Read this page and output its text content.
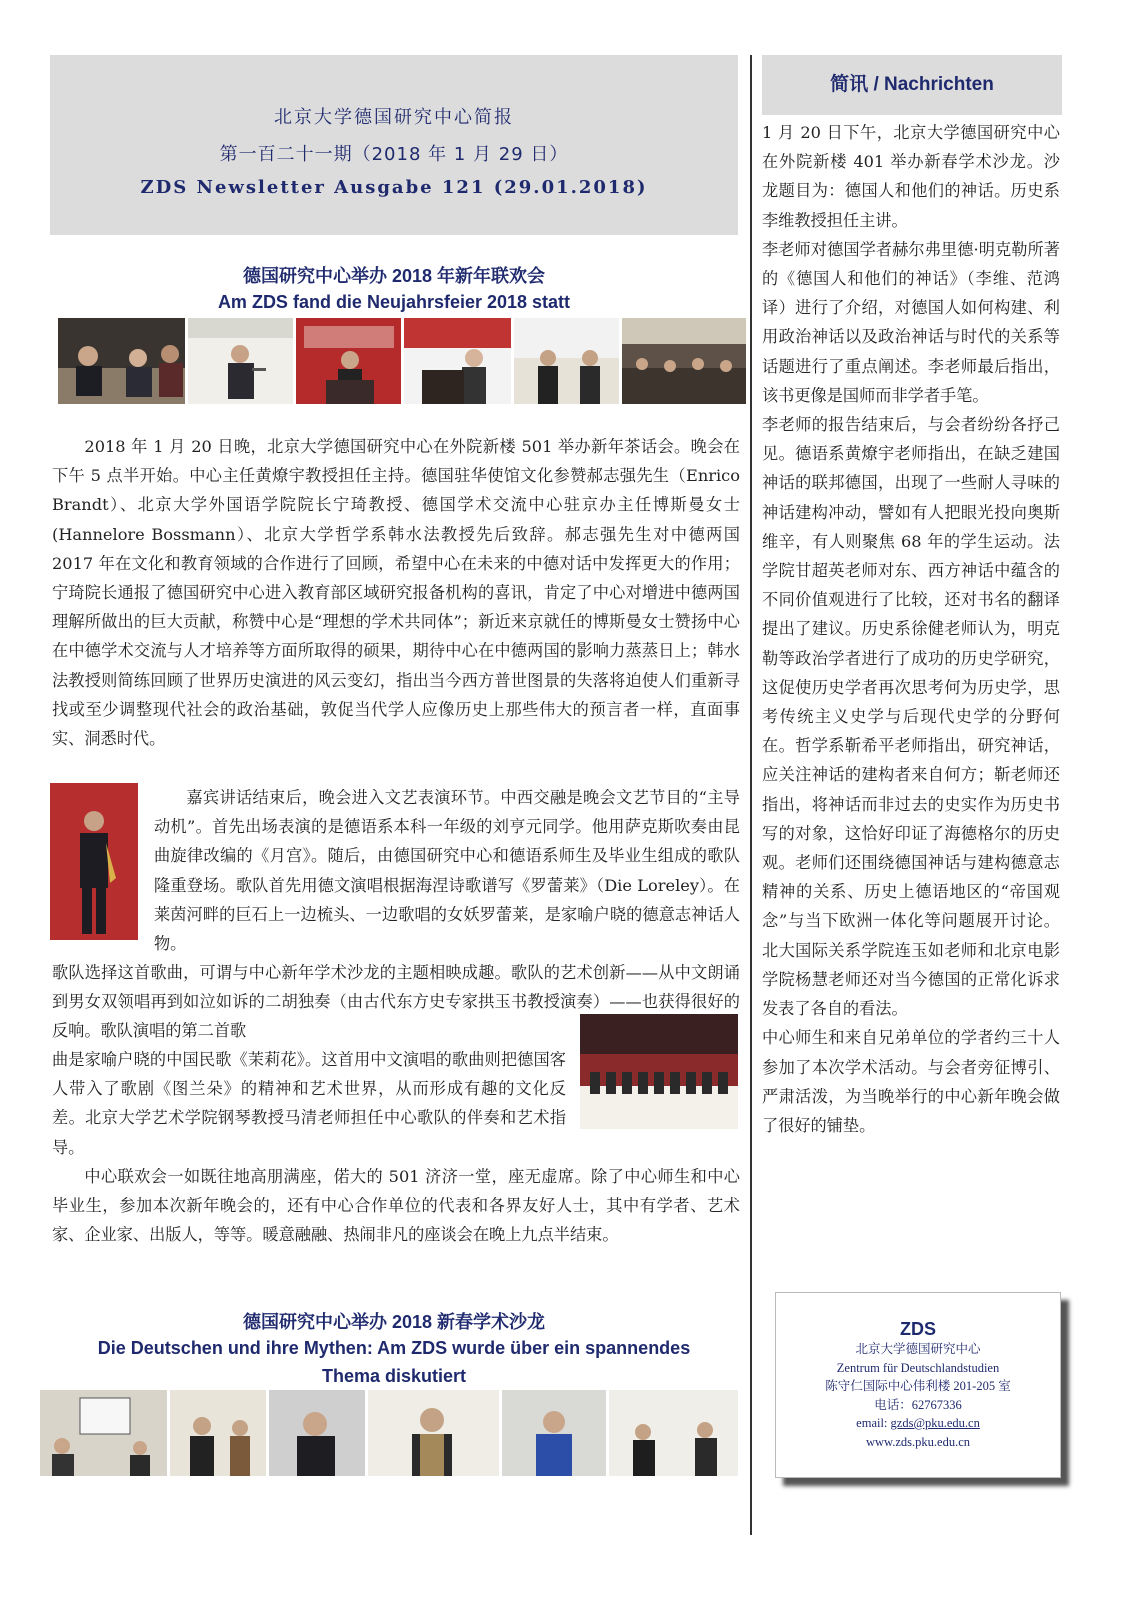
北京大学德国研究中心简报
第一百二十一期（2018 年 1 月 29 日）
ZDS Newsletter Ausgabe 121 (29.01.2018)
简讯 / Nachrichten

1 月 20 日下午，北京大学德国研究中心在外院新楼 401 举办新春学术沙龙。沙龙题目为：德国人和他们的神话。历史系李维教授担任主讲。

李老师对德国学者赫尔弗里德·明克勒所著的《德国人和他们的神话》（李维、范鸿译）进行了介绍，对德国人如何构建、利用政治神话以及政治神话与时代的关系等话题进行了重点阐述。李老师最后指出，该书更像是国师而非学者手笔。

李老师的报告结束后，与会者纷纷各抒己见。德语系黄燎宇老师指出，在缺乏建国神话的联邦德国，出现了一些耐人寻味的神话建构冲动，譬如有人把眼光投向奥斯维辛，有人则聚焦 68 年的学生运动。法学院甘超英老师对东、西方神话中蕴含的不同价值观进行了比较，还对书名的翻译提出了建议。历史系徐健老师认为，明克勒等政治学者进行了成功的历史学研究，这促使历史学者再次思考何为历史学，思考传统主义史学与后现代史学的分野何在。哲学系靳希平老师指出，研究神话，应关注神话的建构者来自何方；靳老师还指出，将神话而非过去的史实作为历史书写的对象，这恰好印证了海德格尔的历史观。老师们还围绕德国神话与建构德意志精神的关系、历史上德语地区的“帝国观念”与当下欧洲一体化等问题展开讨论。北大国际关系学院连玉如老师和北京电影学院杨慧老师还对当今德国的正常化诉求发表了各自的看法。

中心师生和来自兄弟单位的学者约三十人参加了本次学术活动。与会者旁征博引、严肃活泼，为当晚举行的中心新年晚会做了很好的铺垫。

德国研究中心举办 2018 年新年联欢会
Am ZDS fand die Neujahrsfeier 2018 statt
2018 年 1 月 20 日晚，北京大学德国研究中心在外院新楼 501 举办新年茶话会。晚会在下午 5 点半开始。中心主任黄燎宇教授担任主持。德国驻华使馆文化参赞郝志强先生（Enrico Brandt）、北京大学外国语学院院长宁琦教授、德国学术交流中心驻京办主任博斯曼女士(Hannelore Bossmann）、北京大学哲学系韩水法教授先后致辞。郝志强先生对中德两国 2017 年在文化和教育领域的合作进行了回顾，希望中心在未来的中德对话中发挥更大的作用；宁琦院长通报了德国研究中心进入教育部区域研究报备机构的喜讯，肯定了中心对增进中德两国理解所做出的巨大贡献，称赞中心是“理想的学术共同体”；新近来京就任的博斯曼女士赞扬中心在中德学术交流与人才培养等方面所取得的硕果，期待中心在中德两国的影响力蒸蒸日上；韩水法教授则简练回顾了世界历史演进的风云变幻，指出当今西方普世图景的失落将迫使人们重新寻找或至少调整现代社会的政治基础，敦促当代学人应像历史上那些伟大的预言者一样，直面事实、洞悉时代。
嘉宾讲话结束后，晚会进入文艺表演环节。中西交融是晚会文艺节目的“主导动机”。首先出场表演的是德语系本科一年级的刘亨元同学。他用萨克斯吹奏由昆曲旋律改编的《月宫》。随后，由德国研究中心和德语系师生及毕业生组成的歌队隆重登场。歌队首先用德文演唱根据海涅诗歌谱写《罗蕾莱》（Die Loreley）。在莱茵河畔的巨石上一边梳头、一边歌唱的女妖罗蕾莱，是家喻户晓的德意志神话人物。
歌队选择这首歌曲，可谓与中心新年学术沙龙的主题相映成趣。歌队的艺术创新——从中文朗诵到男女双领唱再到如泣如诉的二胡独奏（由古代东方史专家拱玉书教授演奏）——也获得很好的反响。歌队演唱的第二首歌
曲是家喻户晓的中国民歌《茉莉花》。这首用中文演唱的歌曲则把德国客人带入了歌剧《图兰朵》的精神和艺术世界，从而形成有趣的文化反差。北京大学艺术学院钢琴教授马清老师担任中心歌队的伴奏和艺术指导。
中心联欢会一如既往地高朋满座，偌大的 501 济济一堂，座无虚席。除了中心师生和中心毕业生，参加本次新年晚会的，还有中心合作单位的代表和各界友好人士，其中有学者、艺术家、企业家、出版人，等等。暖意融融、热闹非凡的座谈会在晚上九点半结束。
德国研究中心举办 2018 新春学术沙龙
Die Deutschen und ihre Mythen: Am ZDS wurde über ein spannendes
Thema diskutiert
ZDS
北京大学德国研究中心
Zentrum für Deutschlandstudien
陈守仁国际中心伟利楼 201-205 室
电话：62767336
email: gzds@pku.edu.cn
www.zds.pku.edu.cn
